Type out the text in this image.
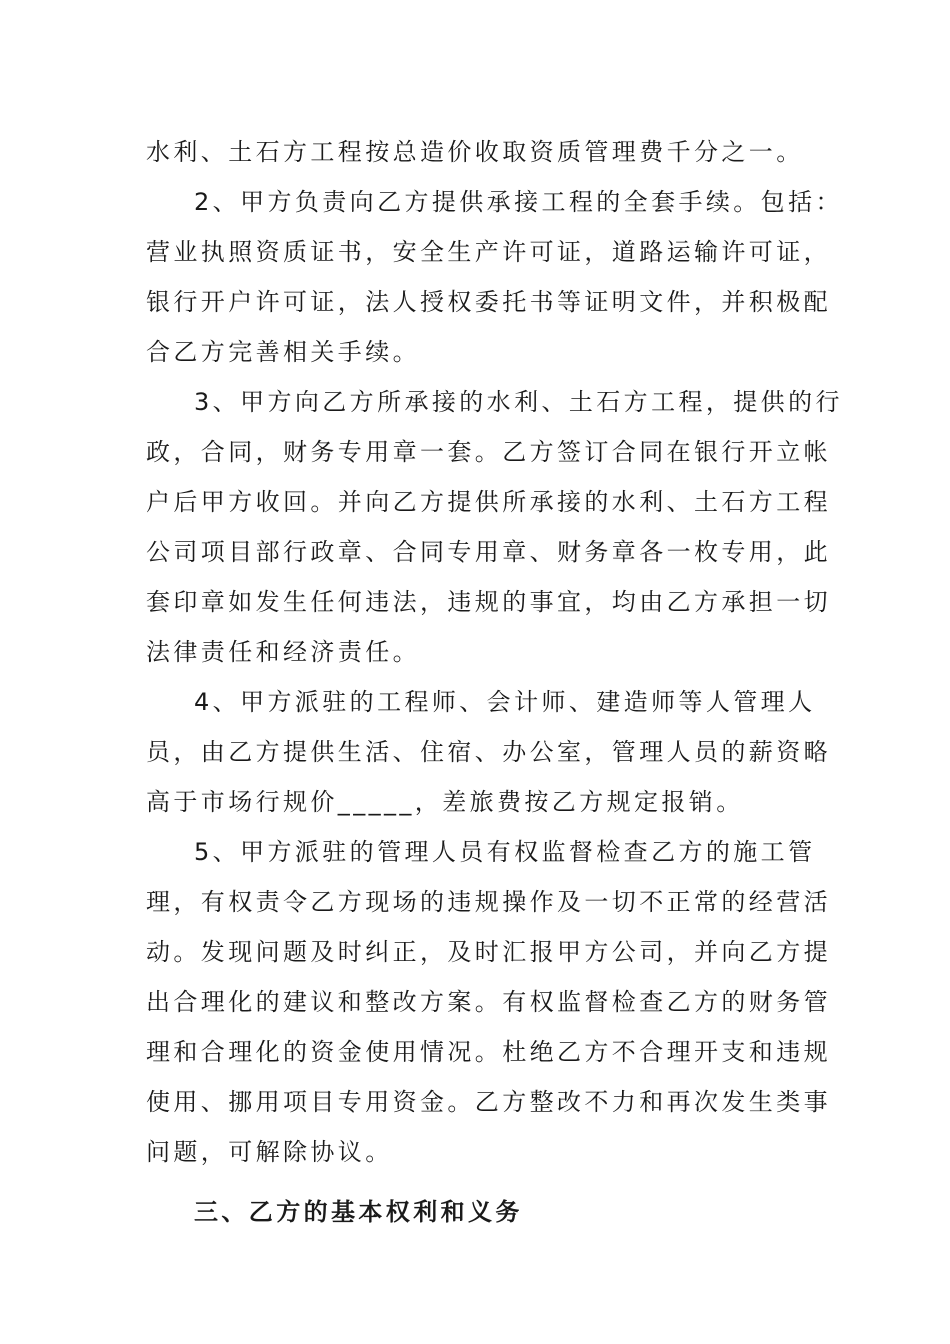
水利、土石方工程按总造价收取资质管理费千分之一。
2、甲方负责向乙方提供承接工程的全套手续。包括：
营业执照资质证书，安全生产许可证，道路运输许可证，
银行开户许可证，法人授权委托书等证明文件，并积极配
合乙方完善相关手续。
3、甲方向乙方所承接的水利、土石方工程，提供的行
政，合同，财务专用章一套。乙方签订合同在银行开立帐
户后甲方收回。并向乙方提供所承接的水利、土石方工程
公司项目部行政章、合同专用章、财务章各一枚专用，此
套印章如发生任何违法，违规的事宜，均由乙方承担一切
法律责任和经济责任。
4、甲方派驻的工程师、会计师、建造师等人管理人
员，由乙方提供生活、住宿、办公室，管理人员的薪资略
高于市场行规价_____，差旅费按乙方规定报销。
5、甲方派驻的管理人员有权监督检查乙方的施工管
理，有权责令乙方现场的违规操作及一切不正常的经营活
动。发现问题及时纠正，及时汇报甲方公司，并向乙方提
出合理化的建议和整改方案。有权监督检查乙方的财务管
理和合理化的资金使用情况。杜绝乙方不合理开支和违规
使用、挪用项目专用资金。乙方整改不力和再次发生类事
问题，可解除协议。
三、乙方的基本权利和义务
